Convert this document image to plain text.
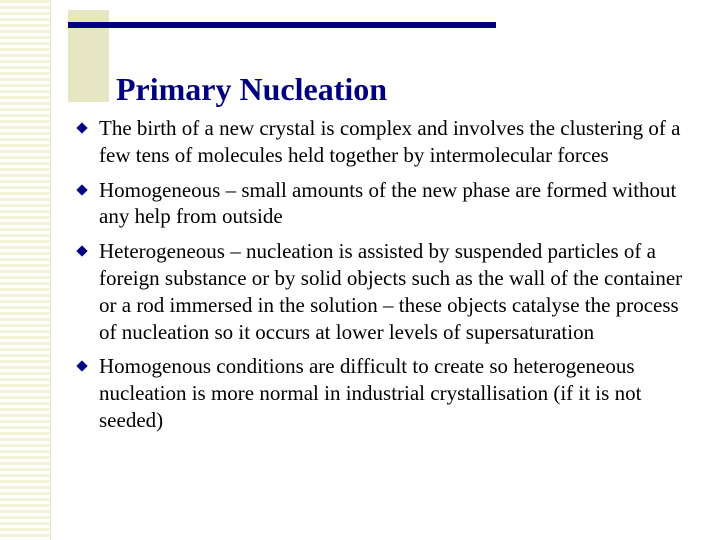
Primary Nucleation
The birth of a new crystal is complex and involves the clustering of a few tens of molecules held together by intermolecular forces
Homogeneous – small amounts of the new phase are formed without any help from outside
Heterogeneous – nucleation is assisted by suspended particles of a foreign substance or by solid objects such as the wall of the container or a rod immersed in the solution – these objects catalyse the process of nucleation so it occurs at lower levels of supersaturation
Homogenous conditions are difficult to create so heterogeneous nucleation is more normal in industrial crystallisation (if it is not seeded)
